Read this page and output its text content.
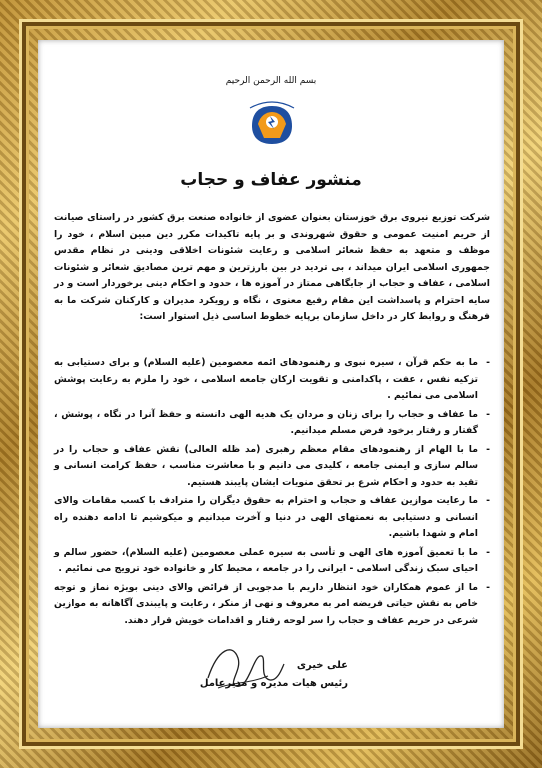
بسم الله الرحمن الرحيم
منشور عفاف و حجاب
شرکت توزیع نیروی برق خوزستان بعنوان عضوی از خانواده صنعت برق کشور در راستای صیانت از حریم امنیت عمومی و حقوق شهروندی و بر پایه تاکیدات مکرر دین مبین اسلام ، خود را موظف و متعهد به حفظ شعائر اسلامی و رعایت شئونات اخلاقی ودینی در نظام مقدس جمهوری اسلامی ایران میداند ، بی تردید در بین بارزترین و مهم ترین مصادیق شعائر و شئونات اسلامی ، عفاف و حجاب از جایگاهی ممتاز در آموزه ها ، حدود و احکام دینی برخوردار است و در سایه احترام و پاسداشت این مقام رفیع معنوی ، نگاه و رویکرد مدیران و کارکنان شرکت ما به فرهنگ و روابط کار در داخل سازمان برپایه خطوط اساسی ذیل استوار است:
-
ما به حکم قرآن ، سیره نبوی و رهنمودهای ائمه معصومین (علیه السلام) و برای دستیابی به تزکیه نفس ، عفت ، پاکدامنی و تقویت ارکان جامعه اسلامی ، خود را ملزم به رعایت پوشش اسلامی می نمائیم .
-
ما عفاف و حجاب را برای زنان و مردان یک هدیه الهی دانسته و حفظ آنرا در نگاه ، پوشش ، گفتار و رفتار برخود فرض مسلم میدانیم.
-
ما با الهام از رهنمودهای مقام معظم رهبری (مد ظله العالی) نقش عفاف و حجاب را در سالم سازی و ایمنی جامعه ، کلیدی می دانیم و با معاشرت مناسب ، حفظ کرامت انسانی و تقید به حدود و احکام شرع بر تحقق منویات ایشان پایبند هستیم.
-
ما رعایت موازین عفاف و حجاب و احترام به حقوق دیگران را مترادف با کسب مقامات والای انسانی و دستیابی به نعمتهای الهی در دنیا و آخرت میدانیم و میکوشیم تا ادامه دهنده راه امام و شهدا باشیم.
-
ما با تعمیق آموزه های الهی و تأسی به سیره عملی معصومین (علیه السلام)، حضور سالم و احیای سبک زندگی اسلامی - ایرانی را در جامعه ، محیط کار و خانواده خود ترویج می نمائیم .
-
ما از عموم همکاران خود انتظار داریم با مدجویی از فرائض والای دینی بویژه نماز و توجه خاص به نقش حیاتی فریضه امر به معروف و نهی از منکر ، رعایت و پایبندی آگاهانه به موازین شرعی در حریم عفاف و حجاب را سر لوحه رفتار و اقدامات خویش قرار دهند.
علی خیری
رئیس هیات مدیره و مدیرعامل
